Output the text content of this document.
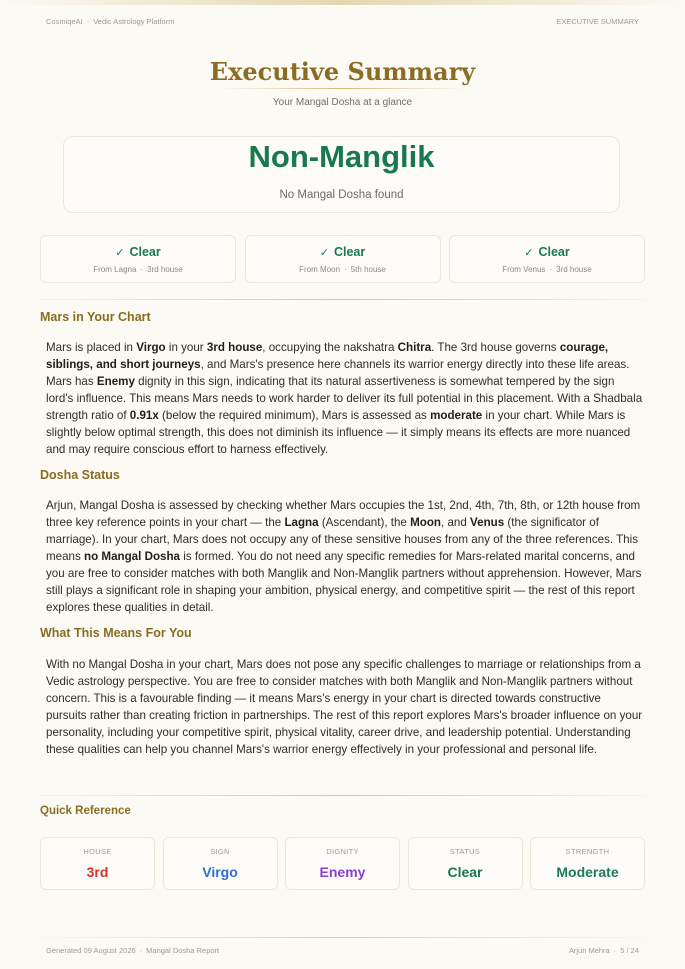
CosmiqeAI · Vedic Astrology Platform	EXECUTIVE SUMMARY
Executive Summary
Your Mangal Dosha at a glance
Non-Manglik
No Mangal Dosha found
✓ Clear
From Lagna · 3rd house
✓ Clear
From Moon · 5th house
✓ Clear
From Venus · 3rd house
Mars in Your Chart
Mars is placed in Virgo in your 3rd house, occupying the nakshatra Chitra. The 3rd house governs courage, siblings, and short journeys, and Mars's presence here channels its warrior energy directly into these life areas. Mars has Enemy dignity in this sign, indicating that its natural assertiveness is somewhat tempered by the sign lord's influence. This means Mars needs to work harder to deliver its full potential in this placement. With a Shadbala strength ratio of 0.91x (below the required minimum), Mars is assessed as moderate in your chart. While Mars is slightly below optimal strength, this does not diminish its influence — it simply means its effects are more nuanced and may require conscious effort to harness effectively.
Dosha Status
Arjun, Mangal Dosha is assessed by checking whether Mars occupies the 1st, 2nd, 4th, 7th, 8th, or 12th house from three key reference points in your chart — the Lagna (Ascendant), the Moon, and Venus (the significator of marriage). In your chart, Mars does not occupy any of these sensitive houses from any of the three references. This means no Mangal Dosha is formed. You do not need any specific remedies for Mars-related marital concerns, and you are free to consider matches with both Manglik and Non-Manglik partners without apprehension. However, Mars still plays a significant role in shaping your ambition, physical energy, and competitive spirit — the rest of this report explores these qualities in detail.
What This Means For You
With no Mangal Dosha in your chart, Mars does not pose any specific challenges to marriage or relationships from a Vedic astrology perspective. You are free to consider matches with both Manglik and Non-Manglik partners without concern. This is a favourable finding — it means Mars's energy in your chart is directed towards constructive pursuits rather than creating friction in partnerships. The rest of this report explores Mars's broader influence on your personality, including your competitive spirit, physical vitality, career drive, and leadership potential. Understanding these qualities can help you channel Mars's warrior energy effectively in your professional and personal life.
Quick Reference
HOUSE
3rd
SIGN
Virgo
DIGNITY
Enemy
STATUS
Clear
STRENGTH
Moderate
Generated 09 August 2026 · Mangal Dosha Report	Arjun Mehra · 5 / 24
